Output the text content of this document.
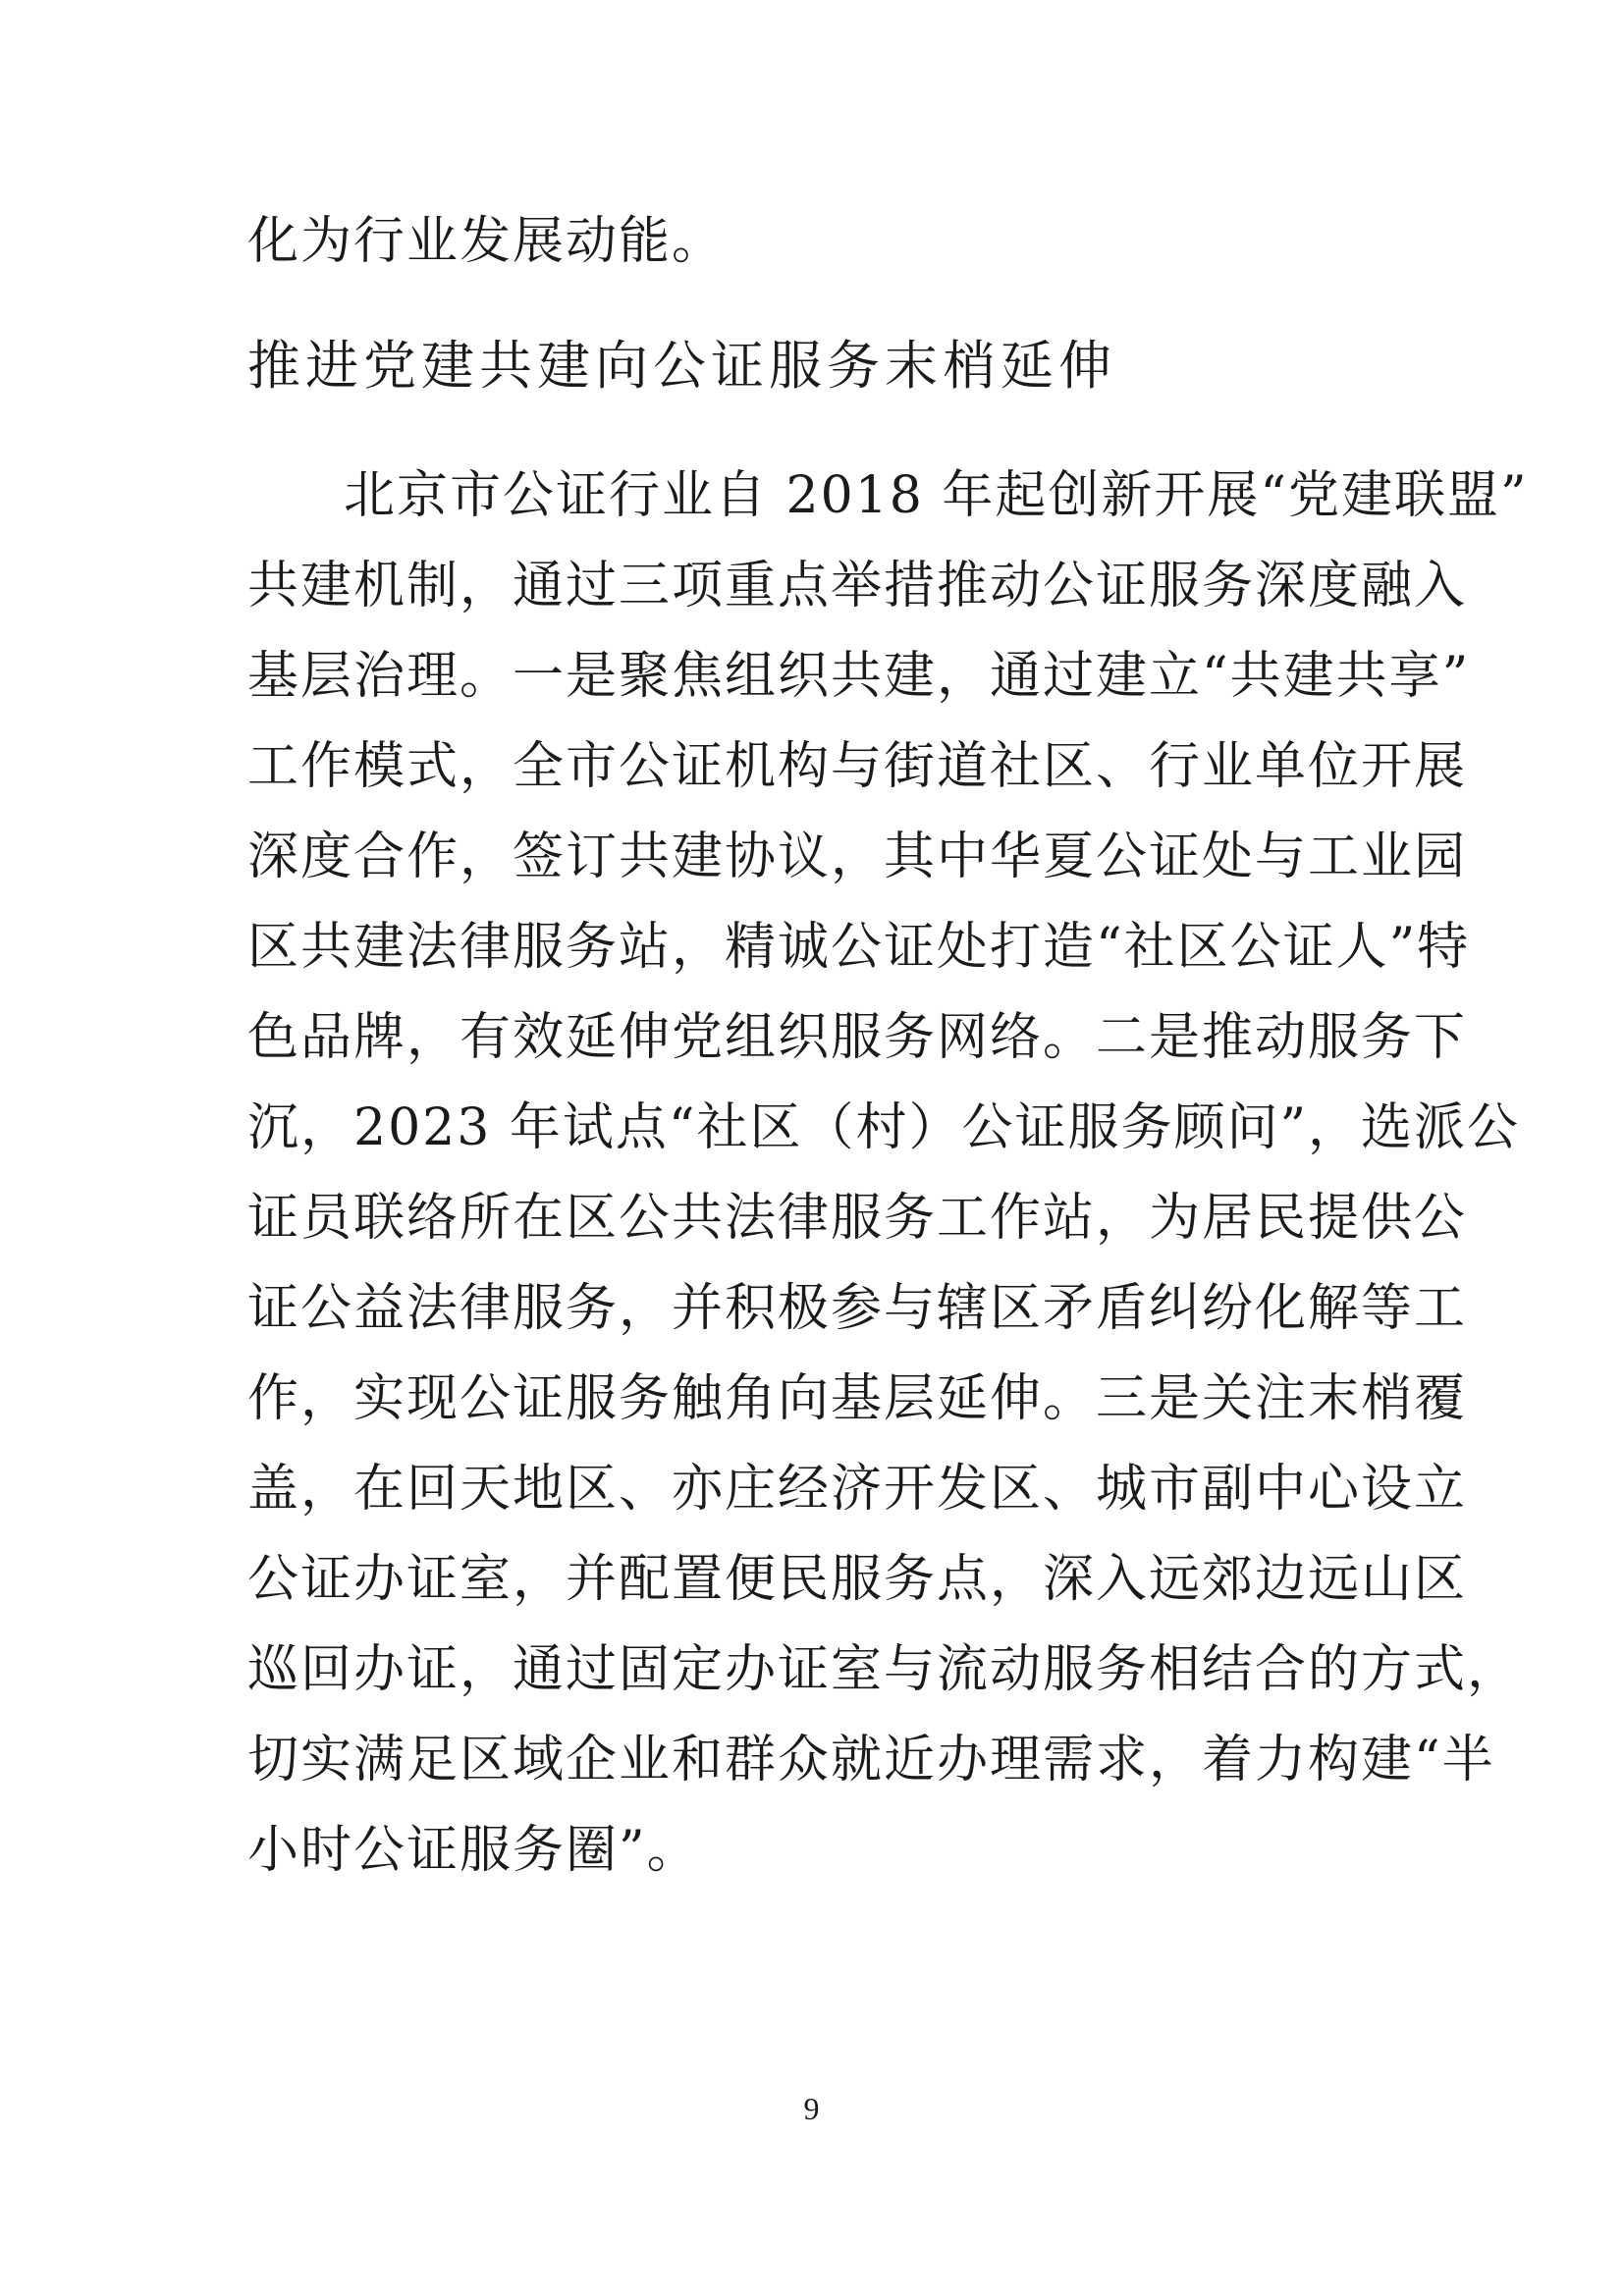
化为行业发展动能。
推进党建共建向公证服务末梢延伸
北京市公证行业自 2018 年起创新开展“党建联盟”
共建机制，通过三项重点举措推动公证服务深度融入
基层治理。一是聚焦组织共建，通过建立“共建共享”
工作模式，全市公证机构与街道社区、行业单位开展
深度合作，签订共建协议，其中华夏公证处与工业园
区共建法律服务站，精诚公证处打造“社区公证人”特
色品牌，有效延伸党组织服务网络。二是推动服务下
沉，2023 年试点“社区（村）公证服务顾问”，选派公
证员联络所在区公共法律服务工作站，为居民提供公
证公益法律服务，并积极参与辖区矛盾纠纷化解等工
作，实现公证服务触角向基层延伸。三是关注末梢覆
盖，在回天地区、亦庄经济开发区、城市副中心设立
公证办证室，并配置便民服务点，深入远郊边远山区
巡回办证，通过固定办证室与流动服务相结合的方式，
切实满足区域企业和群众就近办理需求，着力构建“半
小时公证服务圈”。
9
